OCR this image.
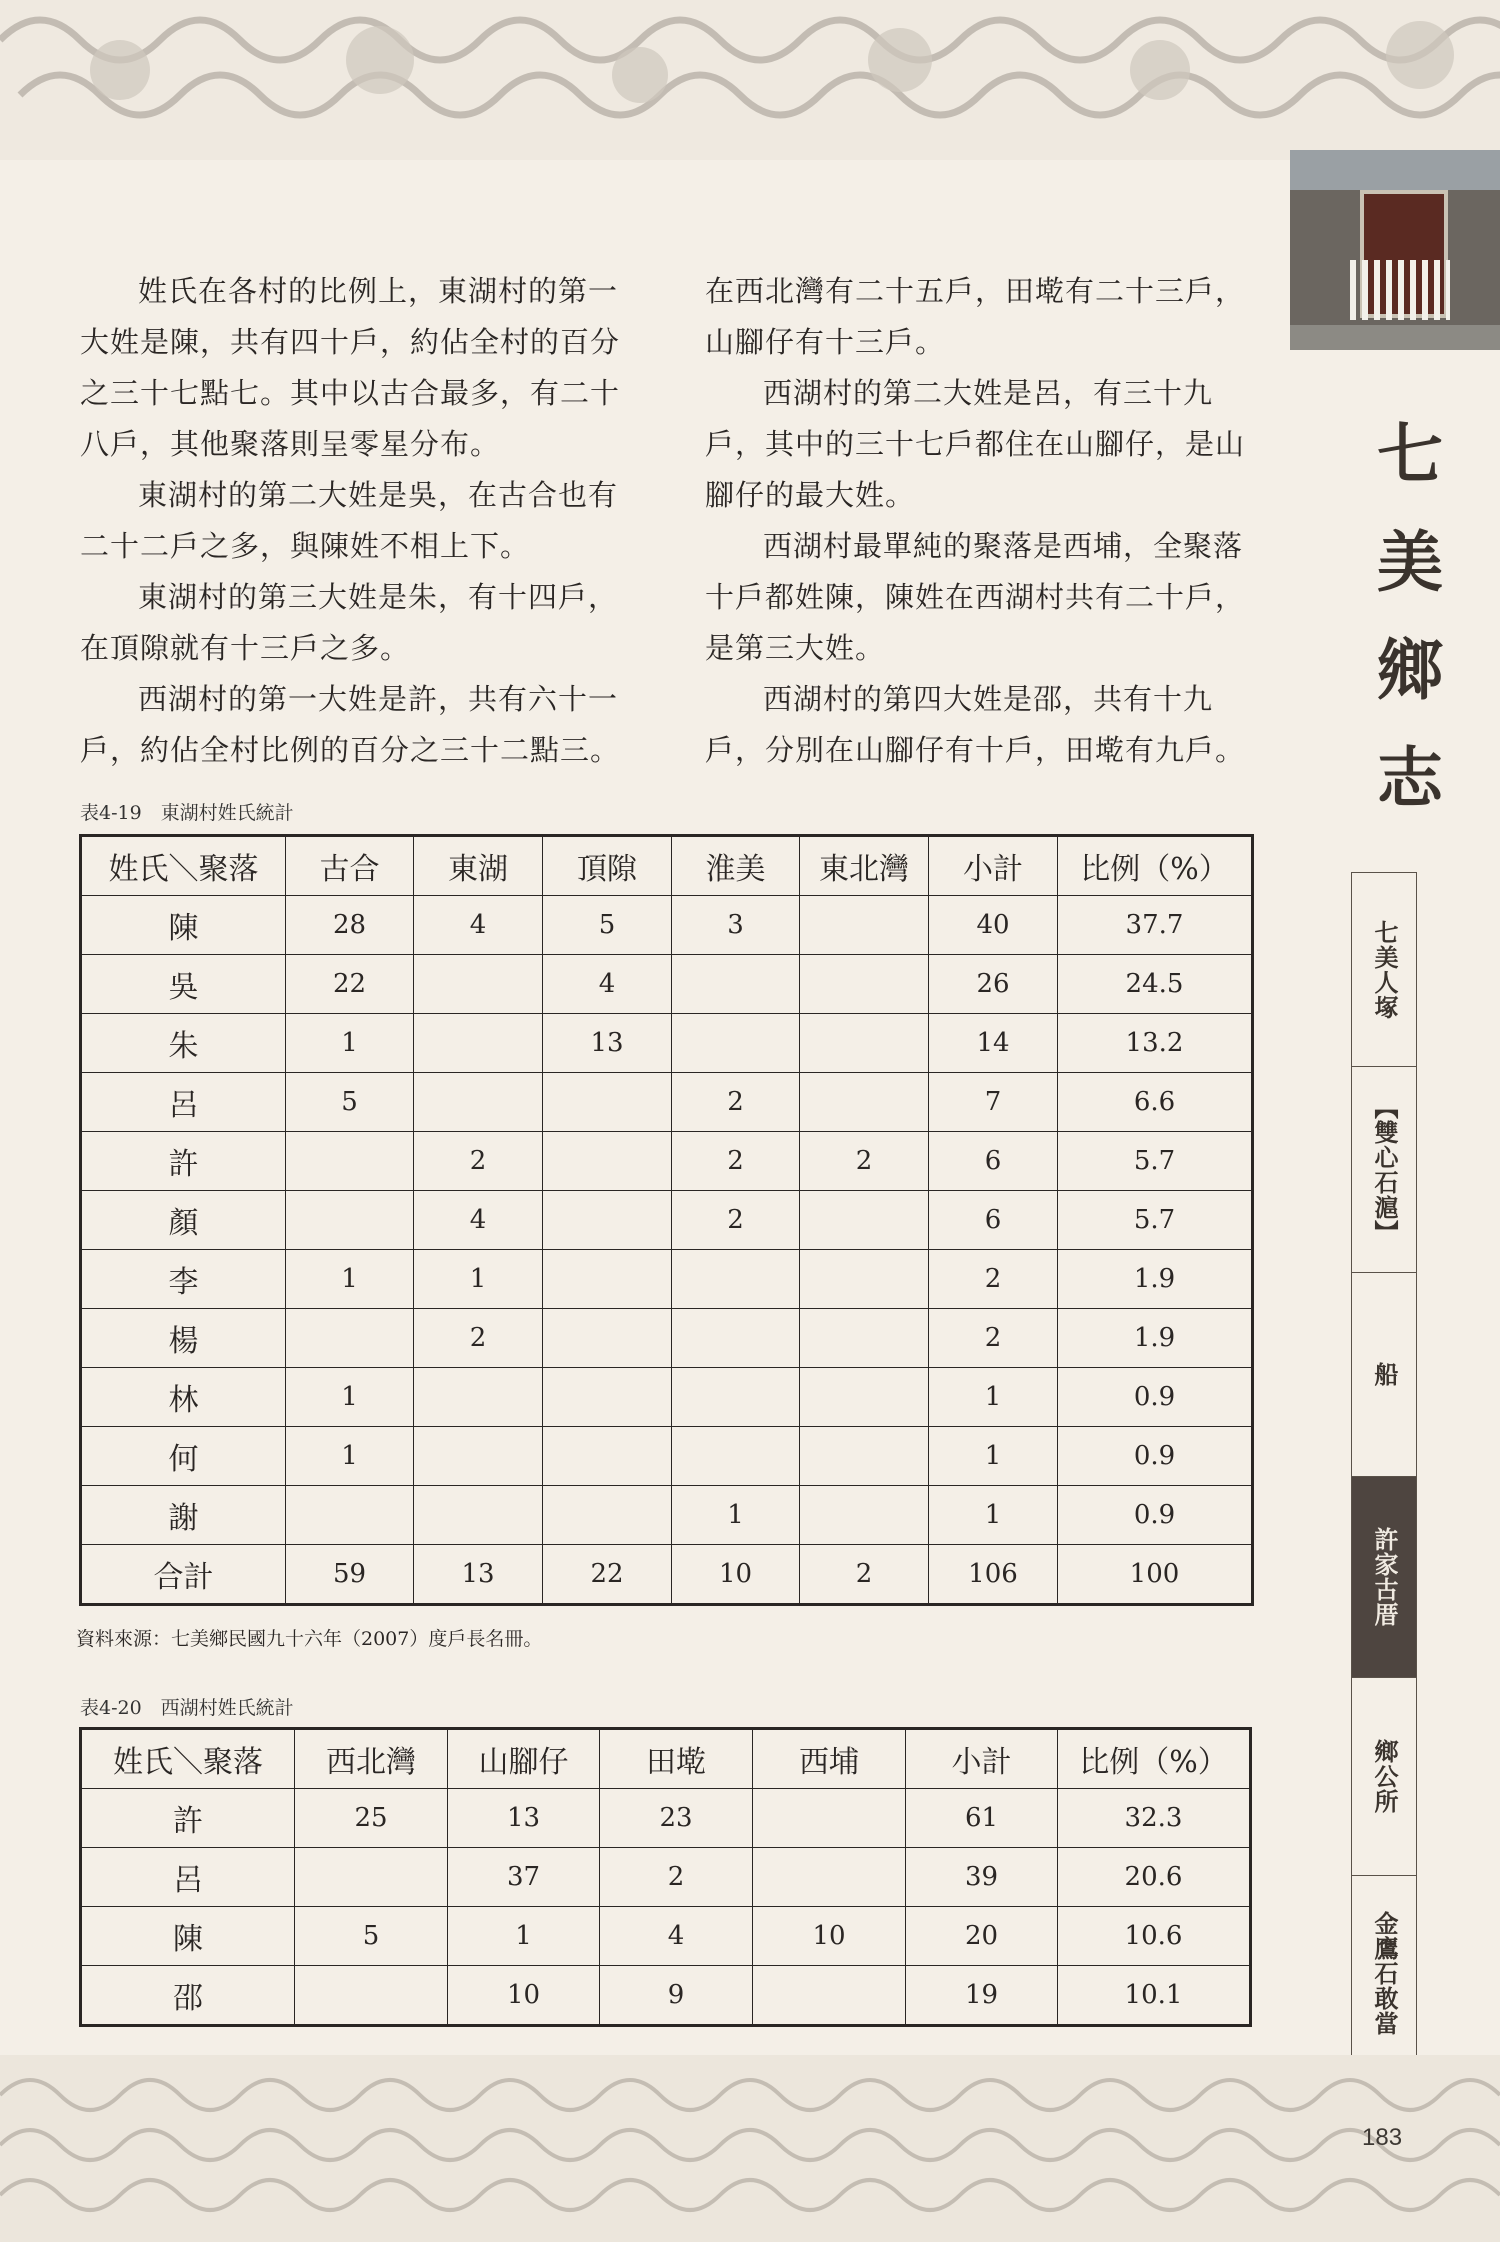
七
美
鄉
志

姓氏在各村的比例上，東湖村的第一大姓是陳，共有四十戶，約佔全村的百分之三十七點七。其中以古合最多，有二十八戶，其他聚落則呈零星分布。

東湖村的第二大姓是吳，在古合也有二十二戶之多，與陳姓不相上下。

東湖村的第三大姓是朱，有十四戶，在頂隙就有十三戶之多。

西湖村的第一大姓是許，共有六十一戶，約佔全村比例的百分之三十二點三。

在西北灣有二十五戶，田墘有二十三戶，山腳仔有十三戶。

西湖村的第二大姓是呂，有三十九戶，其中的三十七戶都住在山腳仔，是山腳仔的最大姓。

西湖村最單純的聚落是西埔，全聚落十戶都姓陳，陳姓在西湖村共有二十戶，是第三大姓。

西湖村的第四大姓是邵，共有十九戶，分別在山腳仔有十戶，田墘有九戶。

表4-19　東湖村姓氏統計
姓氏＼聚落	古合	東湖	頂隙	淮美	東北灣	小計	比例（%）
陳	28	4	5	3		40	37.7
吳	22		4			26	24.5
朱	1		13			14	13.2
呂	5			2		7	6.6
許		2		2	2	6	5.7
顏		4		2		6	5.7
李	1	1				2	1.9
楊		2				2	1.9
林	1					1	0.9
何	1					1	0.9
謝				1		1	0.9
合計	59	13	22	10	2	106	100
資料來源：七美鄉民國九十六年（2007）度戶長名冊。
表4-20　西湖村姓氏統計
姓氏＼聚落	西北灣	山腳仔	田墘	西埔	小計	比例（%）
許	25	13	23		61	32.3
呂		37	2		39	20.6
陳	5	1	4	10	20	10.6
邵		10	9		19	10.1
七美人塚
【雙心石滬】
船
許家古厝
鄉公所
金鷹石敢當
183
